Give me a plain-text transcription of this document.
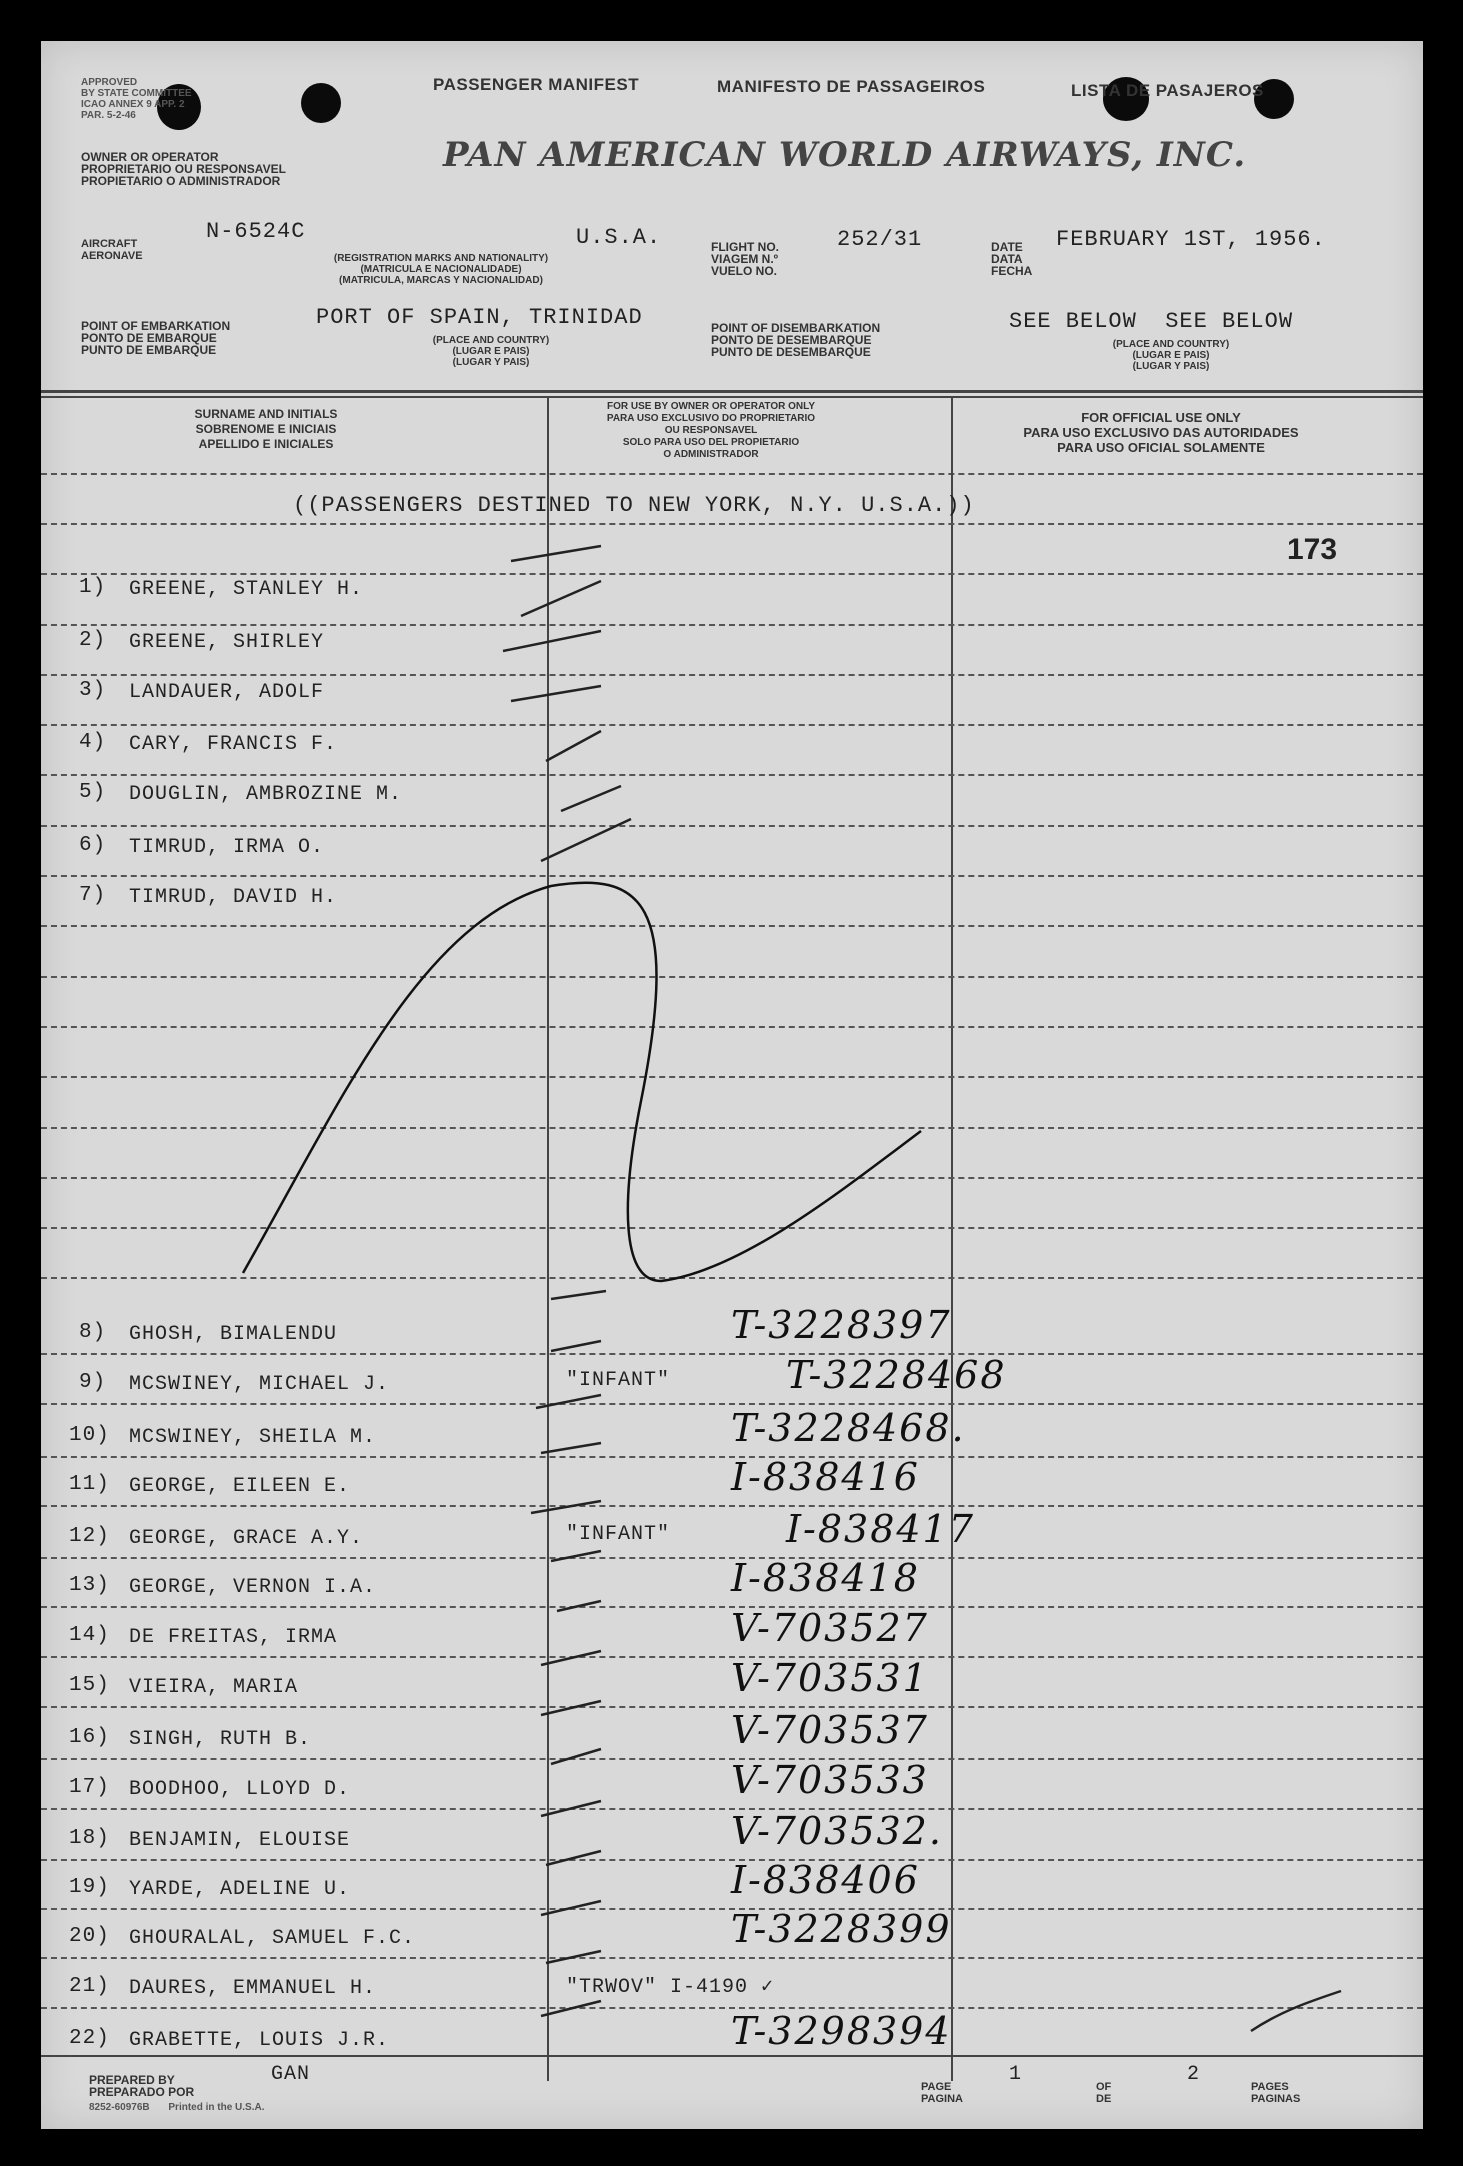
APPROVED
BY STATE COMMITTEE
ICAO ANNEX 9 APP. 2
PAR. 5-2-46
PASSENGER MANIFEST	MANIFESTO DE PASSAGEIROS	LISTA DE PASAJEROS
OWNER OR OPERATOR
PROPRIETARIO OU RESPONSAVEL
PROPIETARIO O ADMINISTRADOR
PAN AMERICAN WORLD AIRWAYS, INC.
AIRCRAFT
AERONAVE
N-6524C	U.S.A.
(REGISTRATION MARKS AND NATIONALITY)
(MATRICULA E NACIONALIDADE)
(MATRICULA, MARCAS Y NACIONALIDAD)
FLIGHT NO.
VIAGEM N.º
VUELO NO.
252/31	DATE
DATA
FECHA
FEBRUARY 1ST, 1956.
POINT OF EMBARKATION
PONTO DE EMBARQUE
PUNTO DE EMBARQUE
PORT OF SPAIN, TRINIDAD
(PLACE AND COUNTRY)
(LUGAR E PAIS)
(LUGAR Y PAIS)
POINT OF DISEMBARKATION
PONTO DE DESEMBARQUE
PUNTO DE DESEMBARQUE
SEE BELOW  SEE BELOW
(PLACE AND COUNTRY)
(LUGAR E PAIS)
(LUGAR Y PAIS)
SURNAME AND INITIALS
SOBRENOME E INICIAIS
APELLIDO E INICIALES
FOR USE BY OWNER OR OPERATOR ONLY
PARA USO EXCLUSIVO DO PROPRIETARIO
OU RESPONSAVEL
SOLO PARA USO DEL PROPIETARIO
O ADMINISTRADOR
FOR OFFICIAL USE ONLY
PARA USO EXCLUSIVO DAS AUTORIDADES
PARA USO OFICIAL SOLAMENTE
((PASSENGERS DESTINED TO NEW YORK, N.Y. U.S.A.))
173
1) GREENE, STANLEY H.
2) GREENE, SHIRLEY
3) LANDAUER, ADOLF
4) CARY, FRANCIS F.
5) DOUGLIN, AMBROZINE M.
6) TIMRUD, IRMA O.
7) TIMRUD, DAVID H.
8) GHOSH, BIMALENDU	T-3228397
9) MCSWINEY, MICHAEL J.	"INFANT"	T-3228468
10) MCSWINEY, SHEILA M.	T-3228468.
11) GEORGE, EILEEN E.	I-838416
12) GEORGE, GRACE A.Y.	"INFANT"	I-838417
13) GEORGE, VERNON I.A.	I-838418
14) DE FREITAS, IRMA	V-703527
15) VIEIRA, MARIA	V-703531
16) SINGH, RUTH B.	V-703537
17) BOODHOO, LLOYD D.	V-703533
18) BENJAMIN, ELOUISE	V-703532.
19) YARDE, ADELINE U.	I-838406
20) GHOURALAL, SAMUEL F.C.	T-3228399
21) DAURES, EMMANUEL H.	"TRWOV" I-4190 ✓
22) GRABETTE, LOUIS J.R.	T-3298394
PREPARED BY
PREPARADO POR
GAN
8252-60976B Printed in the U.S.A.
PAGE
PAGINA
1
OF
DE
2
PAGES
PAGINAS
